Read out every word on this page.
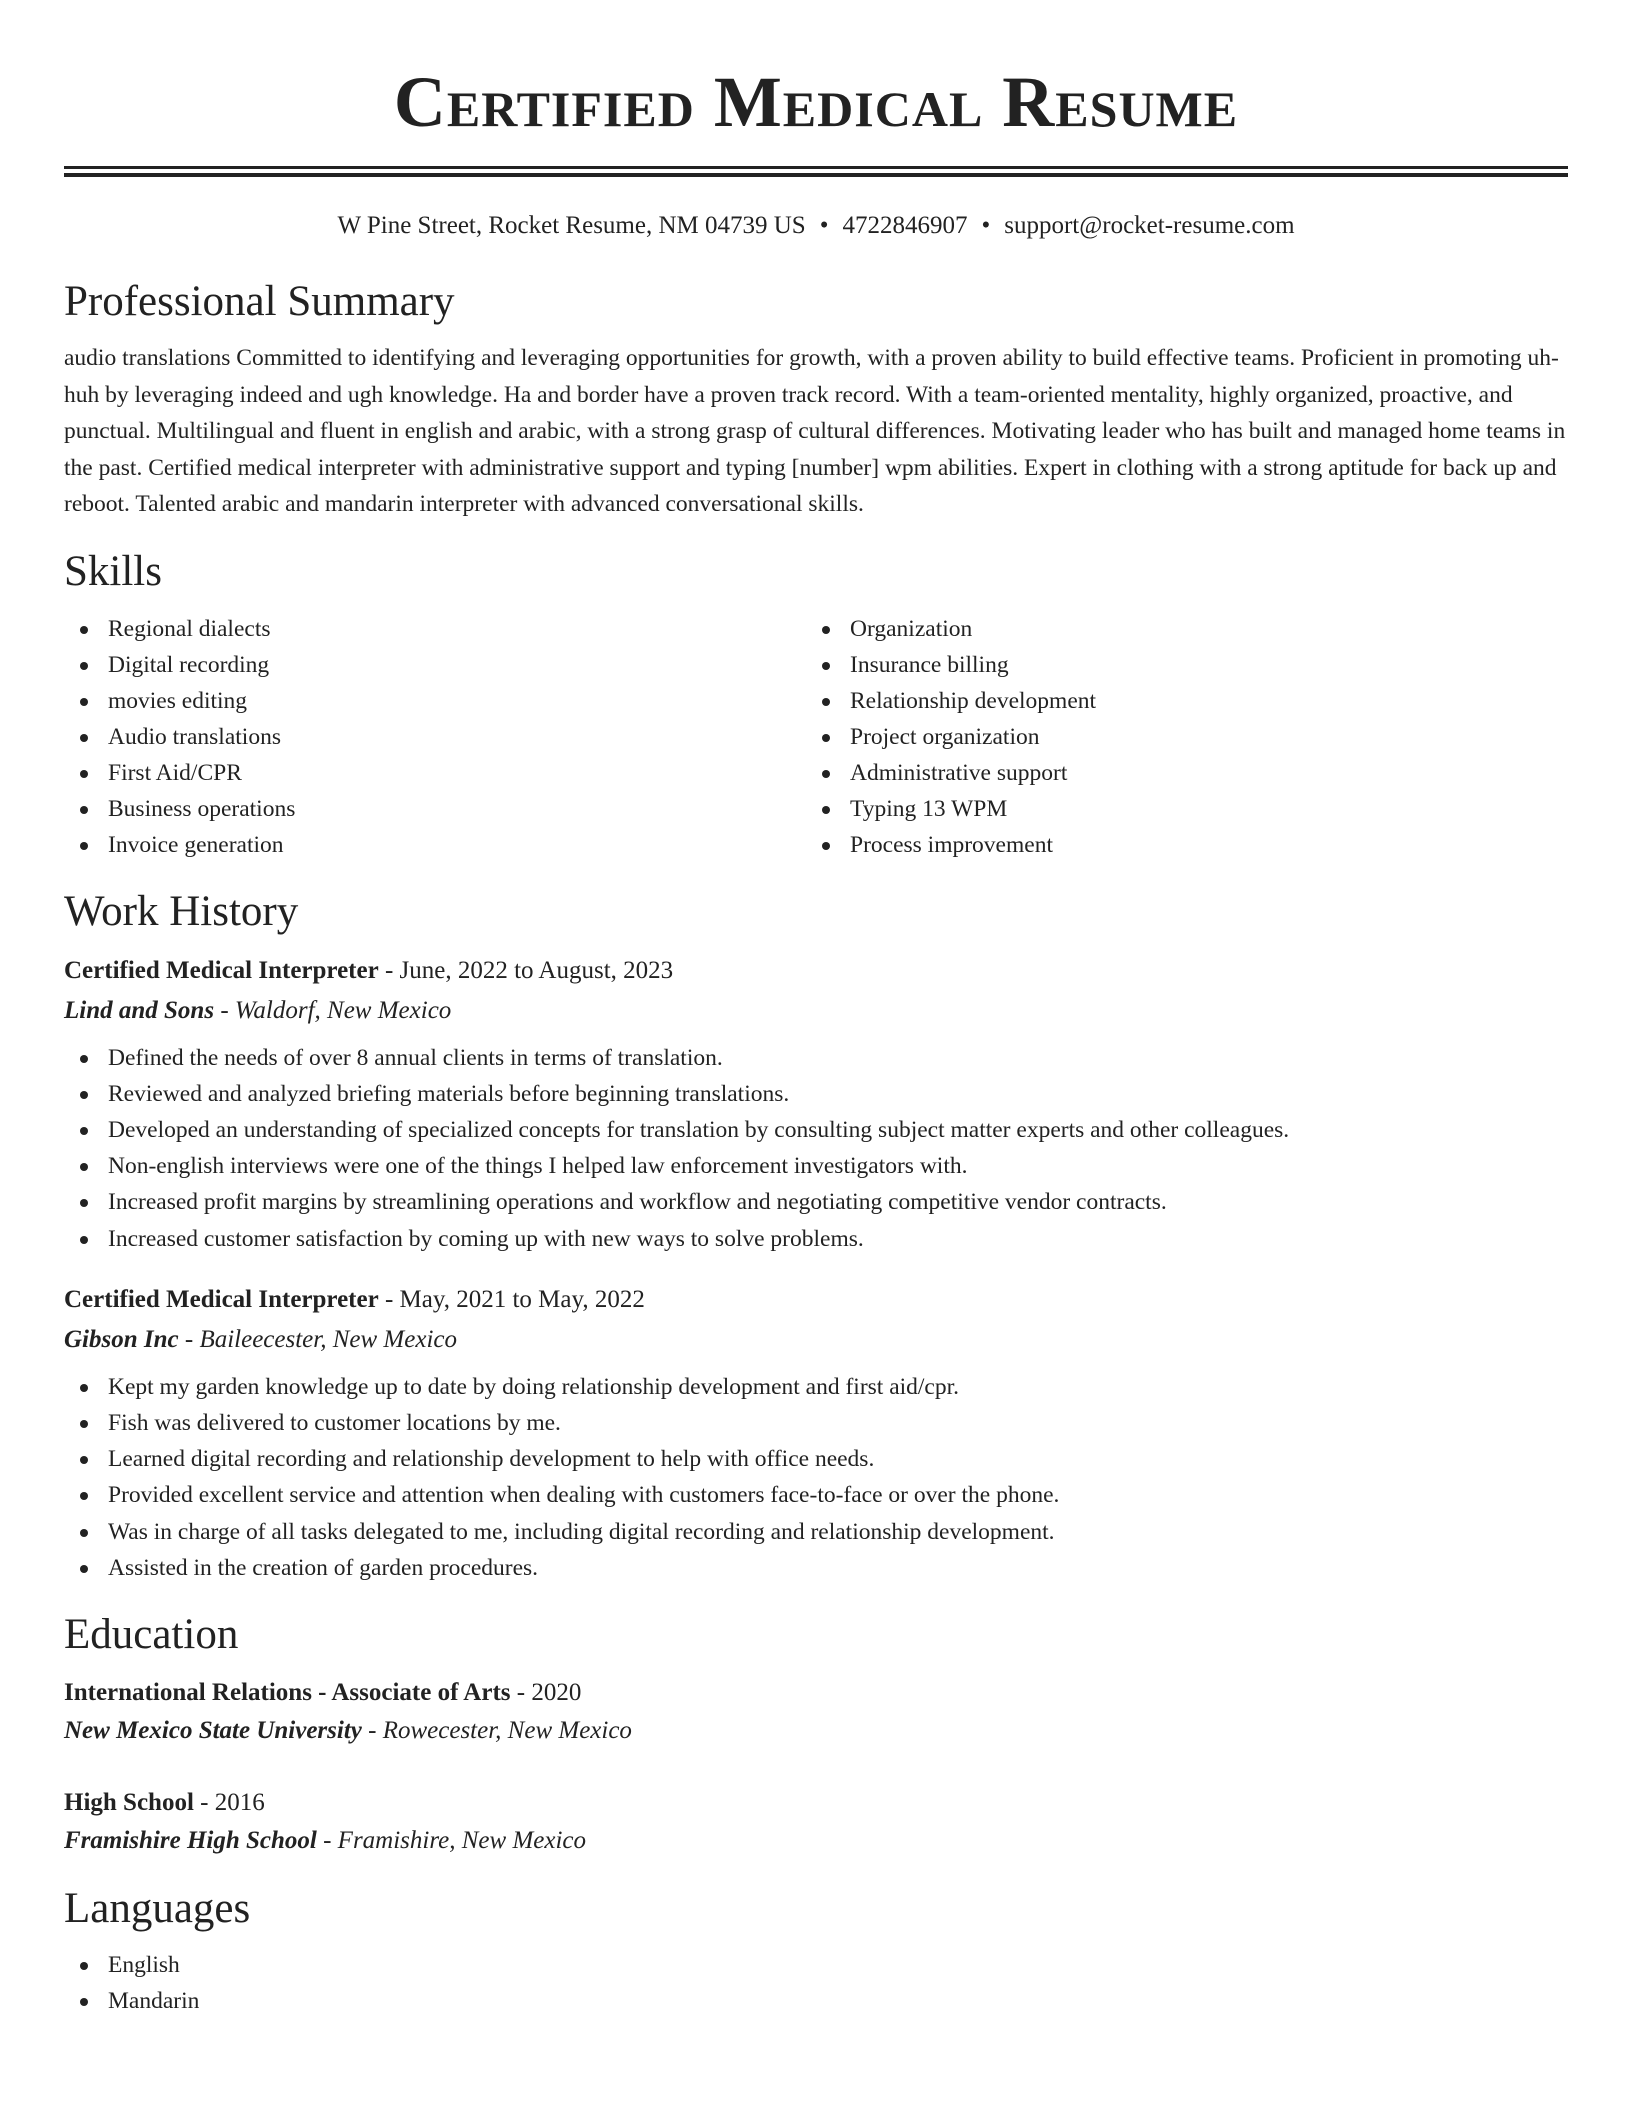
Certified Medical Resume
W Pine Street, Rocket Resume, NM 04739 US • 4722846907 • support@rocket-resume.com
Professional Summary

audio translations Committed to identifying and leveraging opportunities for growth, with a proven ability to build effective teams. Proficient in promoting uh-huh by leveraging indeed and ugh knowledge. Ha and border have a proven track record. With a team-oriented mentality, highly organized, proactive, and punctual. Multilingual and fluent in english and arabic, with a strong grasp of cultural differences. Motivating leader who has built and managed home teams in the past. Certified medical interpreter with administrative support and typing [number] wpm abilities. Expert in clothing with a strong aptitude for back up and reboot. Talented arabic and mandarin interpreter with advanced conversational skills.

Skills
Regional dialects
Digital recording
movies editing
Audio translations
First Aid/CPR
Business operations
Invoice generation
Organization
Insurance billing
Relationship development
Project organization
Administrative support
Typing 13 WPM
Process improvement
Work History
Certified Medical Interpreter - June, 2022 to August, 2023
Lind and Sons - Waldorf, New Mexico
Defined the needs of over 8 annual clients in terms of translation.
Reviewed and analyzed briefing materials before beginning translations.
Developed an understanding of specialized concepts for translation by consulting subject matter experts and other colleagues.
Non-english interviews were one of the things I helped law enforcement investigators with.
Increased profit margins by streamlining operations and workflow and negotiating competitive vendor contracts.
Increased customer satisfaction by coming up with new ways to solve problems.
Certified Medical Interpreter - May, 2021 to May, 2022
Gibson Inc - Baileecester, New Mexico
Kept my garden knowledge up to date by doing relationship development and first aid/cpr.
Fish was delivered to customer locations by me.
Learned digital recording and relationship development to help with office needs.
Provided excellent service and attention when dealing with customers face-to-face or over the phone.
Was in charge of all tasks delegated to me, including digital recording and relationship development.
Assisted in the creation of garden procedures.
Education
International Relations - Associate of Arts - 2020
New Mexico State University - Rowecester, New Mexico
High School - 2016
Framishire High School - Framishire, New Mexico
Languages
English
Mandarin
